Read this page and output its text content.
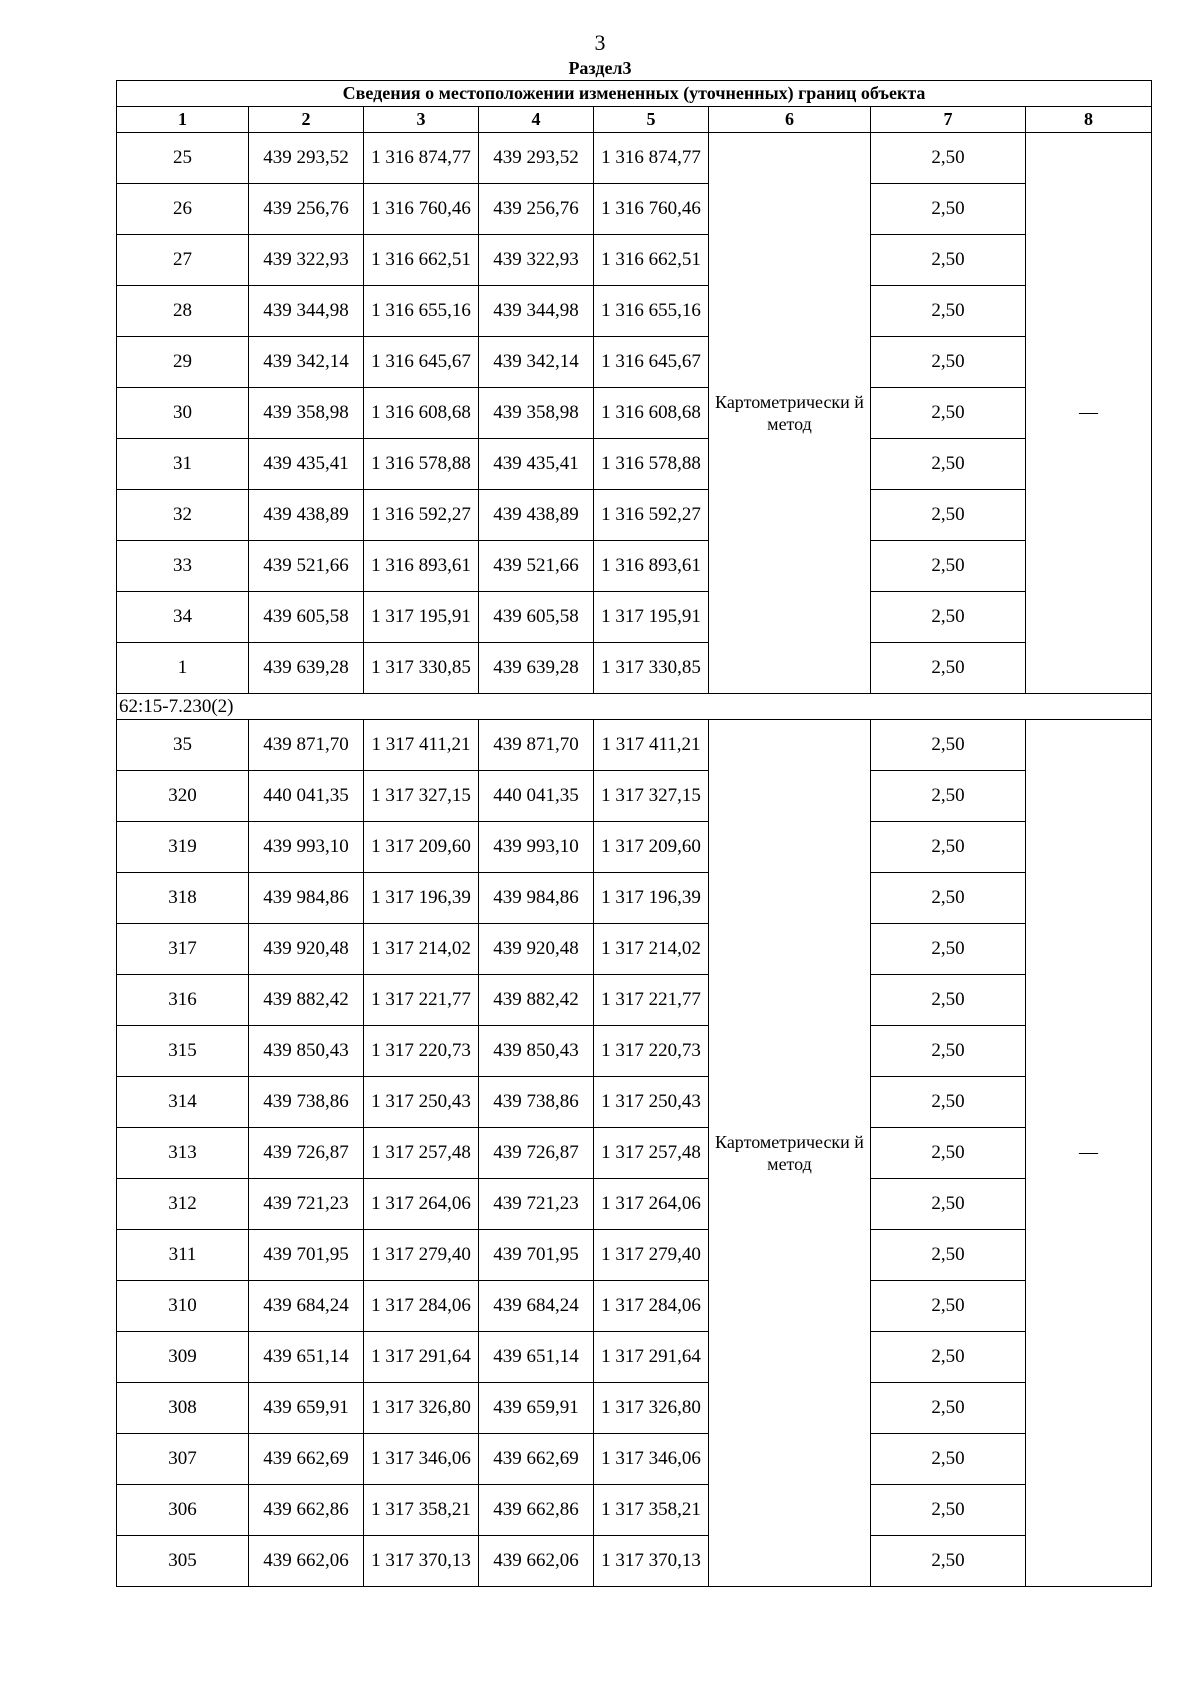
3
Раздел3
Сведения о местоположении измененных (уточненных) границ объекта							
1	2	3	4	5	6	7	8
25	439 293,52	1 316 874,77	439 293,52	1 316 874,77	Картометрически й метод	2,50	—
26	439 256,76	1 316 760,46	439 256,76	1 316 760,46		2,50	
27	439 322,93	1 316 662,51	439 322,93	1 316 662,51		2,50	
28	439 344,98	1 316 655,16	439 344,98	1 316 655,16		2,50	
29	439 342,14	1 316 645,67	439 342,14	1 316 645,67		2,50	
30	439 358,98	1 316 608,68	439 358,98	1 316 608,68		2,50	
31	439 435,41	1 316 578,88	439 435,41	1 316 578,88		2,50	
32	439 438,89	1 316 592,27	439 438,89	1 316 592,27		2,50	
33	439 521,66	1 316 893,61	439 521,66	1 316 893,61		2,50	
34	439 605,58	1 317 195,91	439 605,58	1 317 195,91		2,50	
1	439 639,28	1 317 330,85	439 639,28	1 317 330,85		2,50	
62:15-7.230(2)							
35	439 871,70	1 317 411,21	439 871,70	1 317 411,21	Картометрически й метод	2,50	—
320	440 041,35	1 317 327,15	440 041,35	1 317 327,15		2,50	
319	439 993,10	1 317 209,60	439 993,10	1 317 209,60		2,50	
318	439 984,86	1 317 196,39	439 984,86	1 317 196,39		2,50	
317	439 920,48	1 317 214,02	439 920,48	1 317 214,02		2,50	
316	439 882,42	1 317 221,77	439 882,42	1 317 221,77		2,50	
315	439 850,43	1 317 220,73	439 850,43	1 317 220,73		2,50	
314	439 738,86	1 317 250,43	439 738,86	1 317 250,43		2,50	
313	439 726,87	1 317 257,48	439 726,87	1 317 257,48		2,50	
312	439 721,23	1 317 264,06	439 721,23	1 317 264,06		2,50	
311	439 701,95	1 317 279,40	439 701,95	1 317 279,40		2,50	
310	439 684,24	1 317 284,06	439 684,24	1 317 284,06		2,50	
309	439 651,14	1 317 291,64	439 651,14	1 317 291,64		2,50	
308	439 659,91	1 317 326,80	439 659,91	1 317 326,80		2,50	
307	439 662,69	1 317 346,06	439 662,69	1 317 346,06		2,50	
306	439 662,86	1 317 358,21	439 662,86	1 317 358,21		2,50	
305	439 662,06	1 317 370,13	439 662,06	1 317 370,13		2,50	
